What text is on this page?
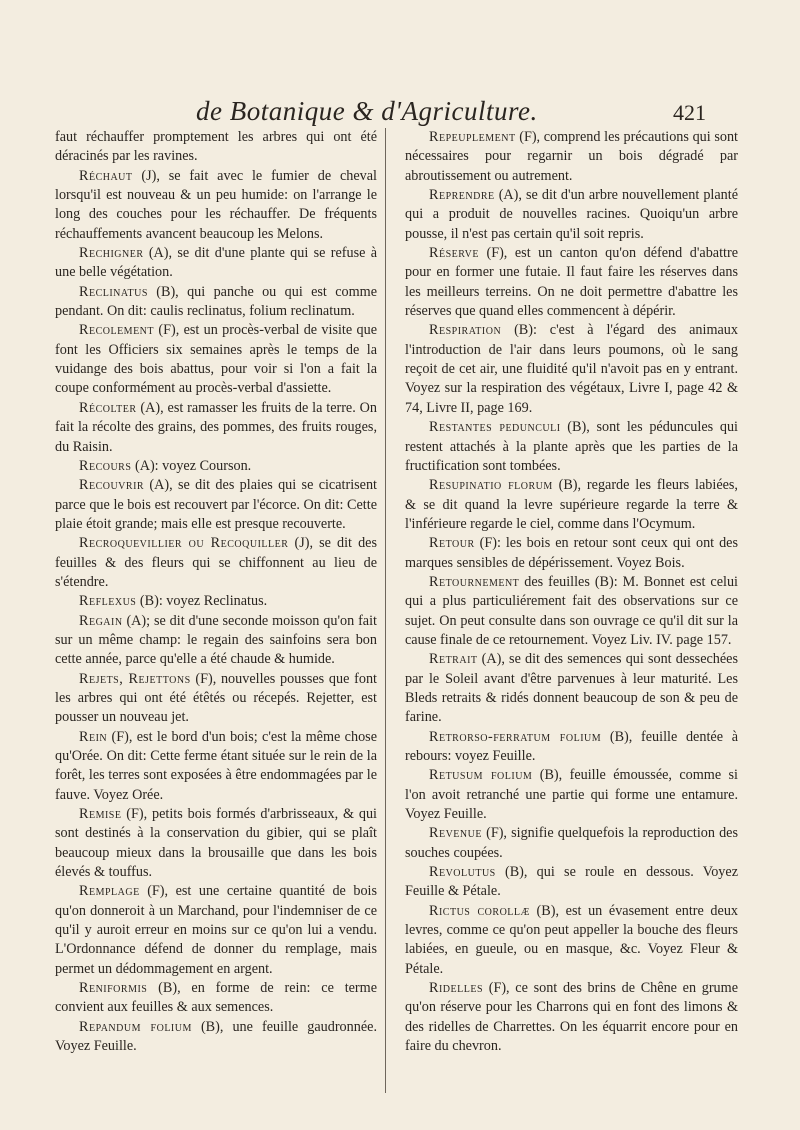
de Botanique & d'Agriculture.	421

faut réchauffer promptement les arbres qui ont été déracinés par les ravines.

Réchaut (J), se fait avec le fumier de cheval lorsqu'il est nouveau & un peu humide: on l'arrange le long des couches pour les réchauffer. De fréquents réchauffements avancent beaucoup les Melons.

Rechigner (A), se dit d'une plante qui se refuse à une belle végétation.

Reclinatus (B), qui panche ou qui est comme pendant. On dit: caulis reclinatus, folium reclinatum.

Recolement (F), est un procès-verbal de visite que font les Officiers six semaines après le temps de la vuidange des bois abattus, pour voir si l'on a fait la coupe conformément au procès-verbal d'assiette.

Récolter (A), est ramasser les fruits de la terre. On fait la récolte des grains, des pommes, des fruits rouges, du Raisin.

Recours (A): voyez Courson.

Recouvrir (A), se dit des plaies qui se cicatrisent parce que le bois est recouvert par l'écorce. On dit: Cette plaie étoit grande; mais elle est presque recouverte.

Recroquevillier ou Recoquiller (J), se dit des feuilles & des fleurs qui se chiffonnent au lieu de s'étendre.

Reflexus (B): voyez Reclinatus.

Regain (A); se dit d'une seconde moisson qu'on fait sur un même champ: le regain des sainfoins sera bon cette année, parce qu'elle a été chaude & humide.

Rejets, Rejettons (F), nouvelles pousses que font les arbres qui ont été étêtés ou récepés. Rejetter, est pousser un nouveau jet.

Rein (F), est le bord d'un bois; c'est la même chose qu'Orée. On dit: Cette ferme étant située sur le rein de la forêt, les terres sont exposées à être endommagées par le fauve. Voyez Orée.

Remise (F), petits bois formés d'arbrisseaux, & qui sont destinés à la conservation du gibier, qui se plaît beaucoup mieux dans la brousaille que dans les bois élevés & touffus.

Remplage (F), est une certaine quantité de bois qu'on donneroit à un Marchand, pour l'indemniser de ce qu'il y auroit erreur en moins sur ce qu'on lui a vendu. L'Ordonnance défend de donner du remplage, mais permet un dédommagement en argent.

Reniformis (B), en forme de rein: ce terme convient aux feuilles & aux semences.

Repandum folium (B), une feuille gaudronnée. Voyez Feuille.

Repeuplement (F), comprend les précautions qui sont nécessaires pour regarnir un bois dégradé par abroutissement ou autrement.

Reprendre (A), se dit d'un arbre nouvellement planté qui a produit de nouvelles racines. Quoiqu'un arbre pousse, il n'est pas certain qu'il soit repris.

Réserve (F), est un canton qu'on défend d'abattre pour en former une futaie. Il faut faire les réserves dans les meilleurs terreins. On ne doit permettre d'abattre les réserves que quand elles commencent à dépérir.

Respiration (B): c'est à l'égard des animaux l'introduction de l'air dans leurs poumons, où le sang reçoit de cet air, une fluidité qu'il n'avoit pas en y entrant. Voyez sur la respiration des végétaux, Livre I, page 42 & 74, Livre II, page 169.

Restantes pedunculi (B), sont les péduncules qui restent attachés à la plante après que les parties de la fructification sont tombées.

Resupinatio florum (B), regarde les fleurs labiées, & se dit quand la levre supérieure regarde la terre & l'inférieure regarde le ciel, comme dans l'Ocymum.

Retour (F): les bois en retour sont ceux qui ont des marques sensibles de dépérissement. Voyez Bois.

Retournement des feuilles (B): M. Bonnet est celui qui a plus particuliérement fait des observations sur ce sujet. On peut consulte dans son ouvrage ce qu'il dit sur la cause finale de ce retournement. Voyez Liv. IV. page 157.

Retrait (A), se dit des semences qui sont dessechées par le Soleil avant d'être parvenues à leur maturité. Les Bleds retraits & ridés donnent beaucoup de son & peu de farine.

Retrorso-ferratum folium (B), feuille dentée à rebours: voyez Feuille.

Retusum folium (B), feuille émoussée, comme si l'on avoit retranché une partie qui forme une entamure. Voyez Feuille.

Revenue (F), signifie quelquefois la reproduction des souches coupées.

Revolutus (B), qui se roule en dessous. Voyez Feuille & Pétale.

Rictus corollæ (B), est un évasement entre deux levres, comme ce qu'on peut appeller la bouche des fleurs labiées, en gueule, ou en masque, &c. Voyez Fleur & Pétale.

Ridelles (F), ce sont des brins de Chêne en grume qu'on réserve pour les Charrons qui en font des limons & des ridelles de Charrettes. On les équarrit encore pour en faire du chevron.
